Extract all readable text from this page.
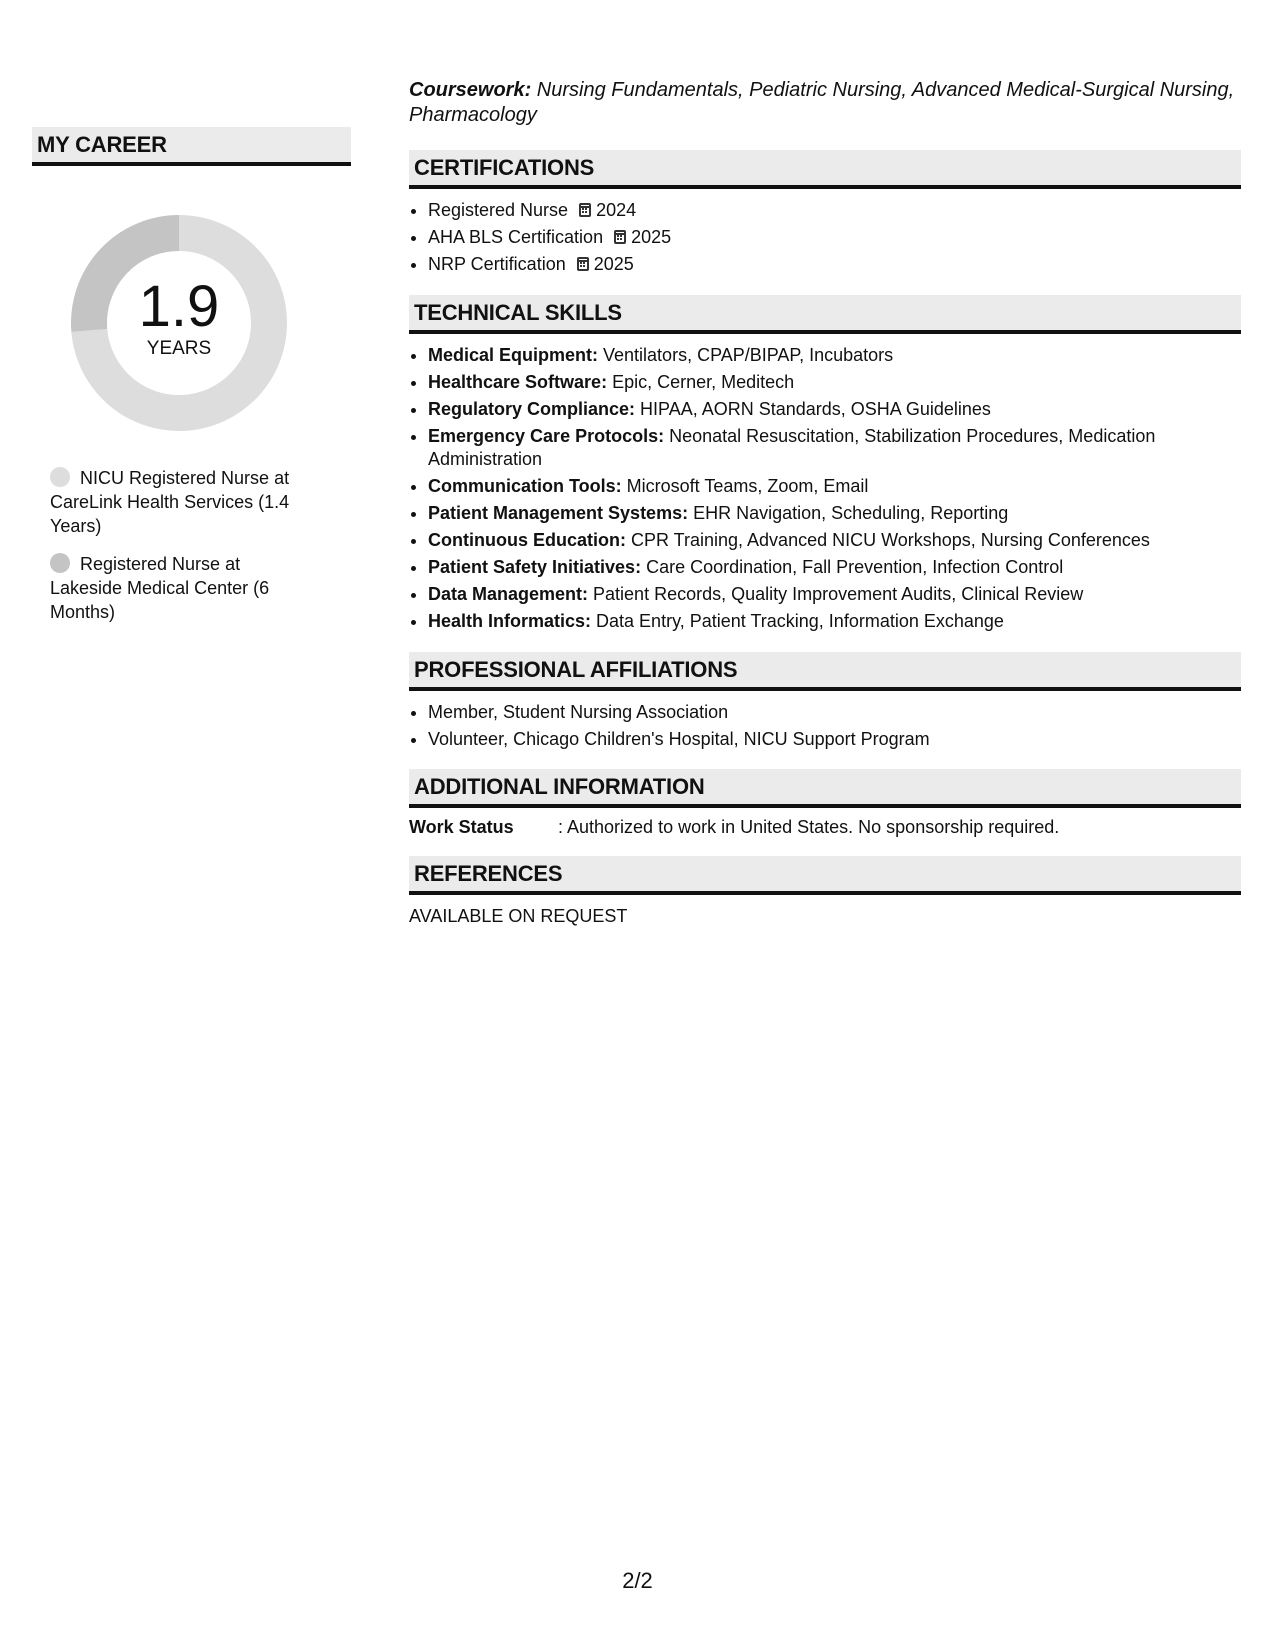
MY CAREER
1.9
YEARS
NICU Registered Nurse at CareLink Health Services (1.4 Years)
Registered Nurse at Lakeside Medical Center (6 Months)

Coursework: Nursing Fundamentals, Pediatric Nursing, Advanced Medical-Surgical Nursing, Pharmacology

CERTIFICATIONS
• Registered Nurse 2024
• AHA BLS Certification 2025
• NRP Certification 2025
TECHNICAL SKILLS
• Medical Equipment: Ventilators, CPAP/BIPAP, Incubators
• Healthcare Software: Epic, Cerner, Meditech
• Regulatory Compliance: HIPAA, AORN Standards, OSHA Guidelines
• Emergency Care Protocols: Neonatal Resuscitation, Stabilization Procedures, Medication Administration
• Communication Tools: Microsoft Teams, Zoom, Email
• Patient Management Systems: EHR Navigation, Scheduling, Reporting
• Continuous Education: CPR Training, Advanced NICU Workshops, Nursing Conferences
• Patient Safety Initiatives: Care Coordination, Fall Prevention, Infection Control
• Data Management: Patient Records, Quality Improvement Audits, Clinical Review
• Health Informatics: Data Entry, Patient Tracking, Information Exchange
PROFESSIONAL AFFILIATIONS
• Member, Student Nursing Association
• Volunteer, Chicago Children's Hospital, NICU Support Program
ADDITIONAL INFORMATION
Work Status	: Authorized to work in United States. No sponsorship required.
REFERENCES
AVAILABLE ON REQUEST
2/2
